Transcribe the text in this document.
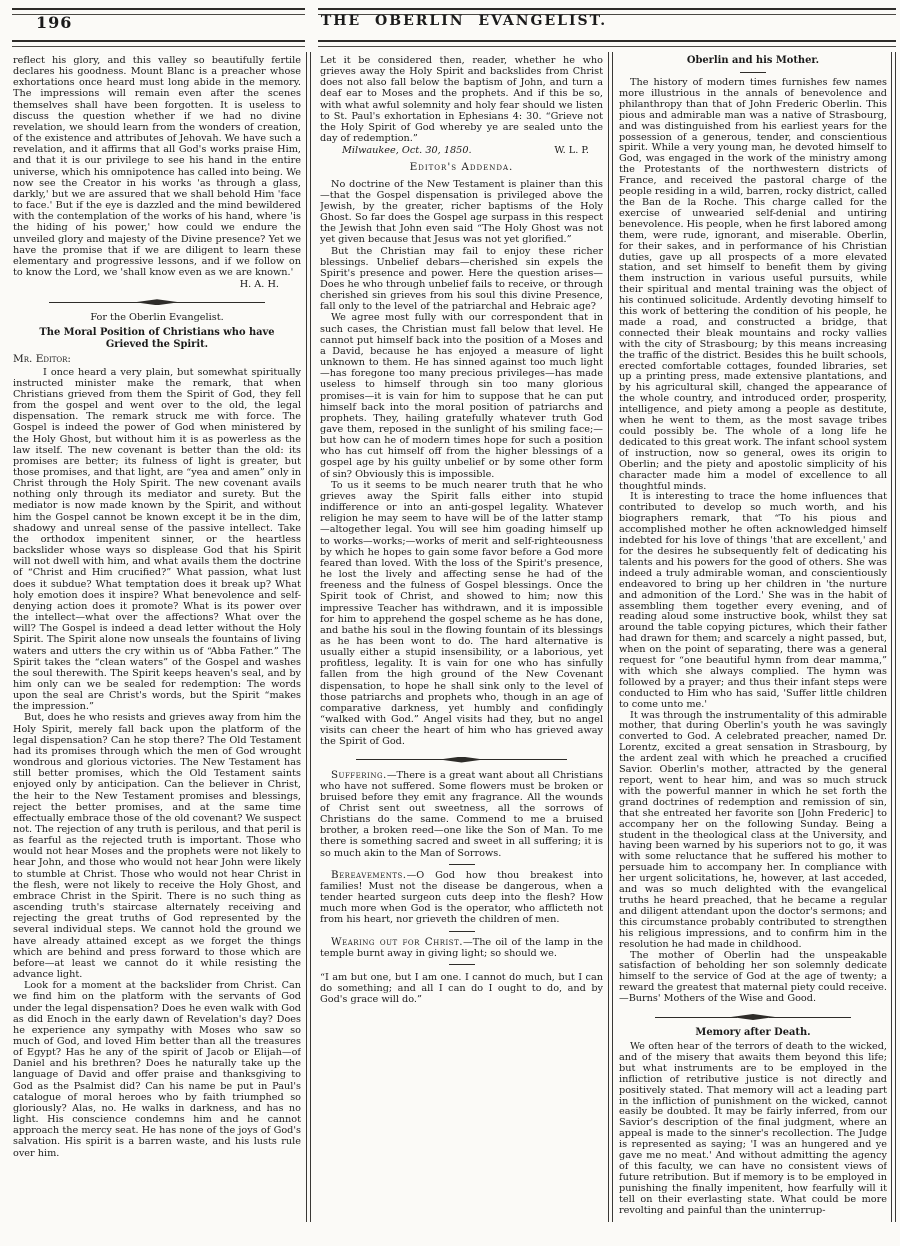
196	THE OBERLIN EVANGELIST.

reflect his glory, and this valley so beautifully fertile declares his goodness. Mount Blanc is a preacher whose exhortations once heard must long abide in the memory. The impressions will remain even after the scenes themselves shall have been forgotten. It is useless to discuss the question whether if we had no divine revelation, we should learn from the wonders of creation, of the existence and attributes of Jehovah. We have such a revelation, and it affirms that all God's works praise Him, and that it is our privilege to see his hand in the entire universe, which his omnipotence has called into being. We now see the Creator in his works 'as through a glass, darkly,' but we are assured that we shall behold Him 'face to face.' But if the eye is dazzled and the mind bewildered with the contemplation of the works of his hand, where 'is the hiding of his power,' how could we endure the unveiled glory and majesty of the Divine presence? Yet we have the promise that if we are diligent to learn these elementary and progressive lessons, and if we follow on to know the Lord, we 'shall know even as we are known.'

H. A. H.
For the Oberlin Evangelist.
The Moral Position of Christians who have Grieved the Spirit.
Mr. Editor:

I once heard a very plain, but somewhat spiritually instructed minister make the remark, that when Christians grieved from them the Spirit of God, they fell from the gospel and went over to the old, the legal dispensation. The remark struck me with force. The Gospel is indeed the power of God when ministered by the Holy Ghost, but without him it is as powerless as the law itself. The new covenant is better than the old: its promises are better; its fulness of light is greater, but those promises, and that light, are “yea and amen” only in Christ through the Holy Spirit. The new covenant avails nothing only through its mediator and surety. But the mediator is now made known by the Spirit, and without him the Gospel cannot be known except it be in the dim, shadowy and unreal sense of the passive intellect. Take the orthodox impenitent sinner, or the heartless backslider whose ways so displease God that his Spirit will not dwell with him, and what avails them the doctrine of “Christ and Him crucified?” What passion, what lust does it subdue? What temptation does it break up? What holy emotion does it inspire? What benevolence and self-denying action does it promote? What is its power over the intellect—what over the affections? What over the will? The Gospel is indeed a dead letter without the Holy Spirit. The Spirit alone now unseals the fountains of living waters and utters the cry within us of “Abba Father.” The Spirit takes the “clean waters” of the Gospel and washes the soul therewith. The Spirit keeps heaven's seal, and by him only can we be sealed for redemption: The words upon the seal are Christ's words, but the Spirit “makes the impression.”

But, does he who resists and grieves away from him the Holy Spirit, merely fall back upon the platform of the legal dispensation? Can he stop there? The Old Testament had its promises through which the men of God wrought wondrous and glorious victories. The New Testament has still better promises, which the Old Testament saints enjoyed only by anticipation. Can the believer in Christ, the heir to the New Testament promises and blessings, reject the better promises, and at the same time effectually embrace those of the old covenant? We suspect not. The rejection of any truth is perilous, and that peril is as fearful as the rejected truth is important. Those who would not hear Moses and the prophets were not likely to hear John, and those who would not hear John were likely to stumble at Christ. Those who would not hear Christ in the flesh, were not likely to receive the Holy Ghost, and embrace Christ in the Spirit. There is no such thing as ascending truth's staircase alternately receiving and rejecting the great truths of God represented by the several individual steps. We cannot hold the ground we have already attained except as we forget the things which are behind and press forward to those which are before—at least we cannot do it while resisting the advance light.

Look for a moment at the backslider from Christ. Can we find him on the platform with the servants of God under the legal dispensation? Does he even walk with God as did Enoch in the early dawn of Revelation's day? Does he experience any sympathy with Moses who saw so much of God, and loved Him better than all the treasures of Egypt? Has he any of the spirit of Jacob or Elijah—of Daniel and his brethren? Does he naturally take up the language of David and offer praise and thanksgiving to God as the Psalmist did? Can his name be put in Paul's catalogue of moral heroes who by faith triumphed so gloriously? Alas, no. He walks in darkness, and has no light. His conscience condemns him and he cannot approach the mercy seat. He has none of the joys of God's salvation. His spirit is a barren waste, and his lusts rule over him.

Let it be considered then, reader, whether he who grieves away the Holy Spirit and backslides from Christ does not also fall below the baptism of John, and turn a deaf ear to Moses and the prophets. And if this be so, with what awful solemnity and holy fear should we listen to St. Paul's exhortation in Ephesians 4: 30. “Grieve not the Holy Spirit of God whereby ye are sealed unto the day of redemption.”

Milwaukee, Oct. 30, 1850.	W. L. P.
Editor's Addenda.

No doctrine of the New Testament is plainer than this—that the Gospel dispensation is privileged above the Jewish, by the greater, richer baptisms of the Holy Ghost. So far does the Gospel age surpass in this respect the Jewish that John even said “The Holy Ghost was not yet given because that Jesus was not yet glorified.”

But the Christian may fail to enjoy these richer blessings. Unbelief debars—cherished sin expels the Spirit's presence and power. Here the question arises—Does he who through unbelief fails to receive, or through cherished sin grieves from his soul this divine Presence, fall only to the level of the patriarchal and Hebraic age?

We agree most fully with our correspondent that in such cases, the Christian must fall below that level. He cannot put himself back into the position of a Moses and a David, because he has enjoyed a measure of light unknown to them. He has sinned against too much light—has foregone too many precious privileges—has made useless to himself through sin too many glorious promises—it is vain for him to suppose that he can put himself back into the moral position of patriarchs and prophets. They, hailing gratefully whatever truth God gave them, reposed in the sunlight of his smiling face;—but how can he of modern times hope for such a position who has cut himself off from the higher blessings of a gospel age by his guilty unbelief or by some other form of sin? Obviously this is impossible.

To us it seems to be much nearer truth that he who grieves away the Spirit falls either into stupid indifference or into an anti-gospel legality. Whatever religion he may seem to have will be of the latter stamp—altogether legal. You will see him goading himself up to works—works;—works of merit and self-righteousness by which he hopes to gain some favor before a God more feared than loved. With the loss of the Spirit's presence, he lost the lively and affecting sense he had of the freeness and the fulness of Gospel blessings. Once the Spirit took of Christ, and showed to him; now this impressive Teacher has withdrawn, and it is impossible for him to apprehend the gospel scheme as he has done, and bathe his soul in the flowing fountain of its blessings as he has been wont to do. The hard alternative is usually either a stupid insensibility, or a laborious, yet profitless, legality. It is vain for one who has sinfully fallen from the high ground of the New Covenant dispensation, to hope he shall sink only to the level of those patriarchs and prophets who, though in an age of comparative darkness, yet humbly and confidingly “walked with God.” Angel visits had they, but no angel visits can cheer the heart of him who has grieved away the Spirit of God.

Suffering.—There is a great want about all Christians who have not suffered. Some flowers must be broken or bruised before they emit any fragrance. All the wounds of Christ sent out sweetness, all the sorrows of Christians do the same. Commend to me a bruised brother, a broken reed—one like the Son of Man. To me there is something sacred and sweet in all suffering; it is so much akin to the Man of Sorrows.

Bereavements.—O God how thou breakest into families! Must not the disease be dangerous, when a tender hearted surgeon cuts deep into the flesh? How much more when God is the operator, who afflicteth not from his heart, nor grieveth the children of men.

Wearing out for Christ.—The oil of the lamp in the temple burnt away in giving light; so should we.

“I am but one, but I am one. I cannot do much, but I can do something; and all I can do I ought to do, and by God's grace will do.”

Oberlin and his Mother.

The history of modern times furnishes few names more illustrious in the annals of benevolence and philanthropy than that of John Frederic Oberlin. This pious and admirable man was a native of Strasbourg, and was distinguished from his earliest years for the possession of a generous, tender, and conscientious spirit. While a very young man, he devoted himself to God, was engaged in the work of the ministry among the Protestants of the northwestern districts of France, and received the pastoral charge of the people residing in a wild, barren, rocky district, called the Ban de la Roche. This charge called for the exercise of unwearied self-denial and untiring benevolence. His people, when he first labored among them, were rude, ignorant, and miserable. Oberlin, for their sakes, and in performance of his Christian duties, gave up all prospects of a more elevated station, and set himself to benefit them by giving them instruction in various useful pursuits, while their spiritual and mental training was the object of his continued solicitude. Ardently devoting himself to this work of bettering the condition of his people, he made a road, and constructed a bridge, that connected their bleak mountains and rocky vallies with the city of Strasbourg; by this means increasing the traffic of the district. Besides this he built schools, erected comfortable cottages, founded libraries, set up a printing press, made extensive plantations, and by his agricultural skill, changed the appearance of the whole country, and introduced order, prosperity, intelligence, and piety among a people as destitute, when he went to them, as the most savage tribes could possibly be. The whole of a long life he dedicated to this great work. The infant school system of instruction, now so general, owes its origin to Oberlin; and the piety and apostolic simplicity of his character made him a model of excellence to all thoughtful minds.

It is interesting to trace the home influences that contributed to develop so much worth, and his biographers remark, that “To his pious and accomplished mother he often acknowledged himself indebted for his love of things 'that are excellent,' and for the desires he subsequently felt of dedicating his talents and his powers for the good of others. She was indeed a truly admirable woman, and conscientiously endeavored to bring up her children in 'the nurture and admonition of the Lord.' She was in the habit of assembling them together every evening, and of reading aloud some instructive book, whilst they sat around the table copying pictures, which their father had drawn for them; and scarcely a night passed, but, when on the point of separating, there was a general request for “one beautiful hymn from dear mamma,” with which she always complied. The hymn was followed by a prayer; and thus their infant steps were conducted to Him who has said, 'Suffer little children to come unto me.'

It was through the instrumentality of this admirable mother, that during Oberlin's youth he was savingly converted to God. A celebrated preacher, named Dr. Lorentz, excited a great sensation in Strasbourg, by the ardent zeal with which he preached a crucified Savior. Oberlin's mother, attracted by the general report, went to hear him, and was so much struck with the powerful manner in which he set forth the grand doctrines of redemption and remission of sin, that she entreated her favorite son [John Frederic] to accompany her on the following Sunday. Being a student in the theological class at the University, and having been warned by his superiors not to go, it was with some reluctance that he suffered his mother to persuade him to accompany her. In compliance with her urgent solicitations, he, however, at last acceded, and was so much delighted with the evangelical truths he heard preached, that he became a regular and diligent attendant upon the doctor's sermons; and this circumstance probably contributed to strengthen his religious impressions, and to confirm him in the resolution he had made in childhood.

The mother of Oberlin had the unspeakable satisfaction of beholding her son solemnly dedicate himself to the service of God at the age of twenty; a reward the greatest that maternal piety could receive.—Burns' Mothers of the Wise and Good.

Memory after Death.

We often hear of the terrors of death to the wicked, and of the misery that awaits them beyond this life; but what instruments are to be employed in the infliction of retributive justice is not directly and positively stated. That memory will act a leading part in the infliction of punishment on the wicked, cannot easily be doubted. It may be fairly inferred, from our Savior's description of the final judgment, where an appeal is made to the sinner's recollection. The Judge is represented as saying; 'I was an hungered and ye gave me no meat.' And without admitting the agency of this faculty, we can have no consistent views of future retribution. But if memory is to be employed in punishing the finally impenitent, how fearfully will it tell on their everlasting state. What could be more revolting and painful than the uninterrup-
